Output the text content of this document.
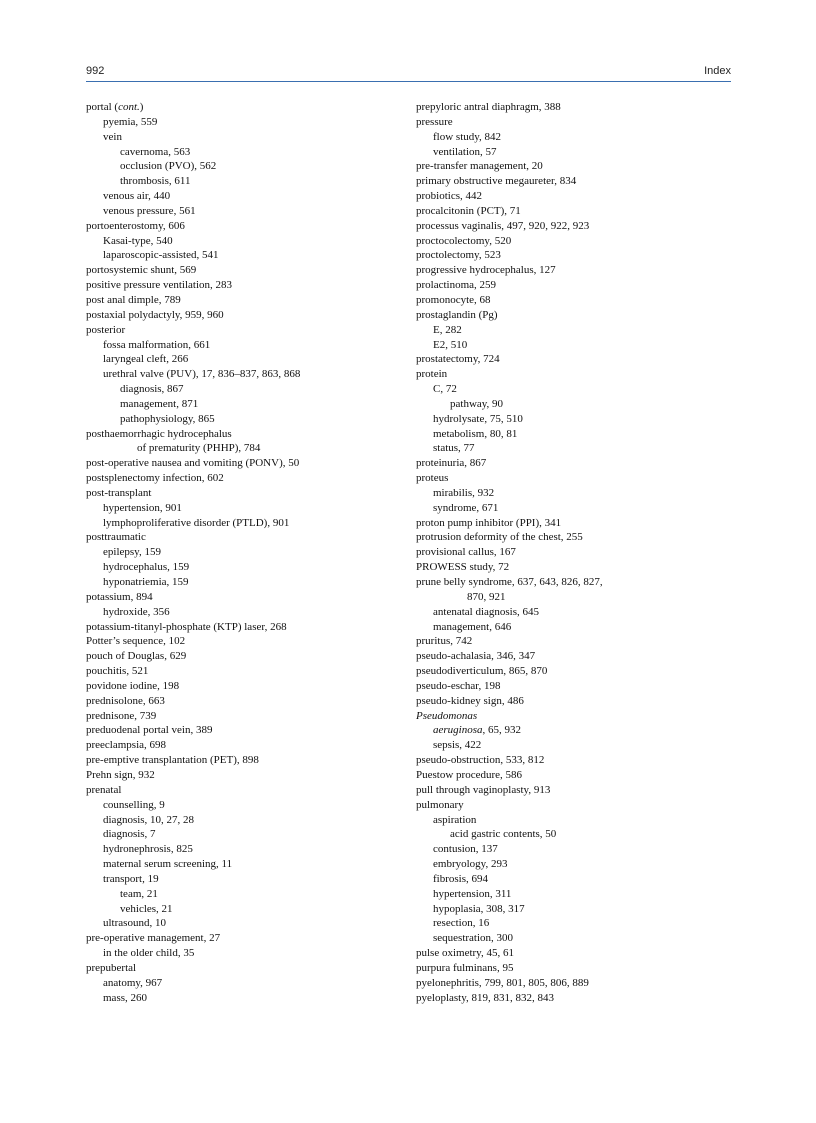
992	Index
portal (cont.)
pyemia, 559
vein
cavernoma, 563
occlusion (PVO), 562
thrombosis, 611
venous air, 440
venous pressure, 561
portoenterostomy, 606
Kasai-type, 540
laparoscopic-assisted, 541
portosystemic shunt, 569
positive pressure ventilation, 283
post anal dimple, 789
postaxial polydactyly, 959, 960
posterior
fossa malformation, 661
laryngeal cleft, 266
urethral valve (PUV), 17, 836–837, 863, 868
diagnosis, 867
management, 871
pathophysiology, 865
posthaemorrhagic hydrocephalus
of prematurity (PHHP), 784
post-operative nausea and vomiting (PONV), 50
postsplenectomy infection, 602
post-transplant
hypertension, 901
lymphoproliferative disorder (PTLD), 901
posttraumatic
epilepsy, 159
hydrocephalus, 159
hyponatriemia, 159
potassium, 894
hydroxide, 356
potassium-titanyl-phosphate (KTP) laser, 268
Potter’s sequence, 102
pouch of Douglas, 629
pouchitis, 521
povidone iodine, 198
prednisolone, 663
prednisone, 739
preduodenal portal vein, 389
preeclampsia, 698
pre-emptive transplantation (PET), 898
Prehn sign, 932
prenatal
counselling, 9
diagnosis, 10, 27, 28
diagnosis, 7
hydronephrosis, 825
maternal serum screening, 11
transport, 19
team, 21
vehicles, 21
ultrasound, 10
pre-operative management, 27
in the older child, 35
prepubertal
anatomy, 967
mass, 260
prepyloric antral diaphragm, 388
pressure
flow study, 842
ventilation, 57
pre-transfer management, 20
primary obstructive megaureter, 834
probiotics, 442
procalcitonin (PCT), 71
processus vaginalis, 497, 920, 922, 923
proctocolectomy, 520
proctolectomy, 523
progressive hydrocephalus, 127
prolactinoma, 259
promonocyte, 68
prostaglandin (Pg)
E, 282
E2, 510
prostatectomy, 724
protein
C, 72
pathway, 90
hydrolysate, 75, 510
metabolism, 80, 81
status, 77
proteinuria, 867
proteus
mirabilis, 932
syndrome, 671
proton pump inhibitor (PPI), 341
protrusion deformity of the chest, 255
provisional callus, 167
PROWESS study, 72
prune belly syndrome, 637, 643, 826, 827,
870, 921
antenatal diagnosis, 645
management, 646
pruritus, 742
pseudo-achalasia, 346, 347
pseudodiverticulum, 865, 870
pseudo-eschar, 198
pseudo-kidney sign, 486
Pseudomonas
aeruginosa, 65, 932
sepsis, 422
pseudo-obstruction, 533, 812
Puestow procedure, 586
pull through vaginoplasty, 913
pulmonary
aspiration
acid gastric contents, 50
contusion, 137
embryology, 293
fibrosis, 694
hypertension, 311
hypoplasia, 308, 317
resection, 16
sequestration, 300
pulse oximetry, 45, 61
purpura fulminans, 95
pyelonephritis, 799, 801, 805, 806, 889
pyeloplasty, 819, 831, 832, 843
